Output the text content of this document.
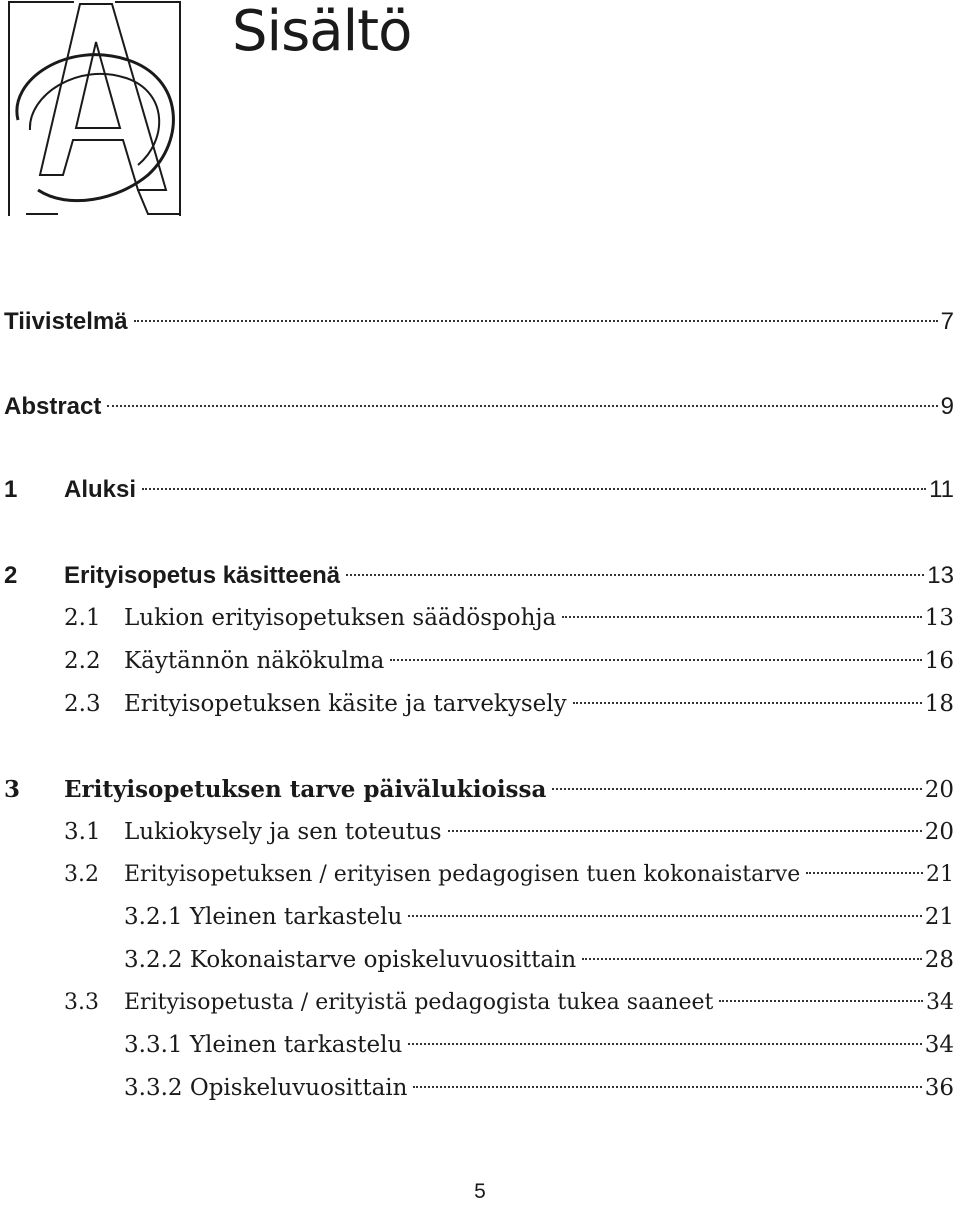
Sisältö
Tiivistelmä	7
Abstract	9
1	Aluksi	11
2	Erityisopetus käsitteenä	13
2.1	Lukion erityisopetuksen säädöspohja	13
2.2	Käytännön näkökulma	16
2.3	Erityisopetuksen käsite ja tarvekysely	18
3	Erityisopetuksen tarve päivälukioissa	20
3.1	Lukiokysely ja sen toteutus	20
3.2	Erityisopetuksen / erityisen pedagogisen tuen kokonaistarve	21
3.2.1 Yleinen tarkastelu	21
3.2.2 Kokonaistarve opiskeluvuosittain	28
3.3	Erityisopetusta / erityistä pedagogista tukea saaneet	34
3.3.1 Yleinen tarkastelu	34
3.3.2 Opiskeluvuosittain	36
5
